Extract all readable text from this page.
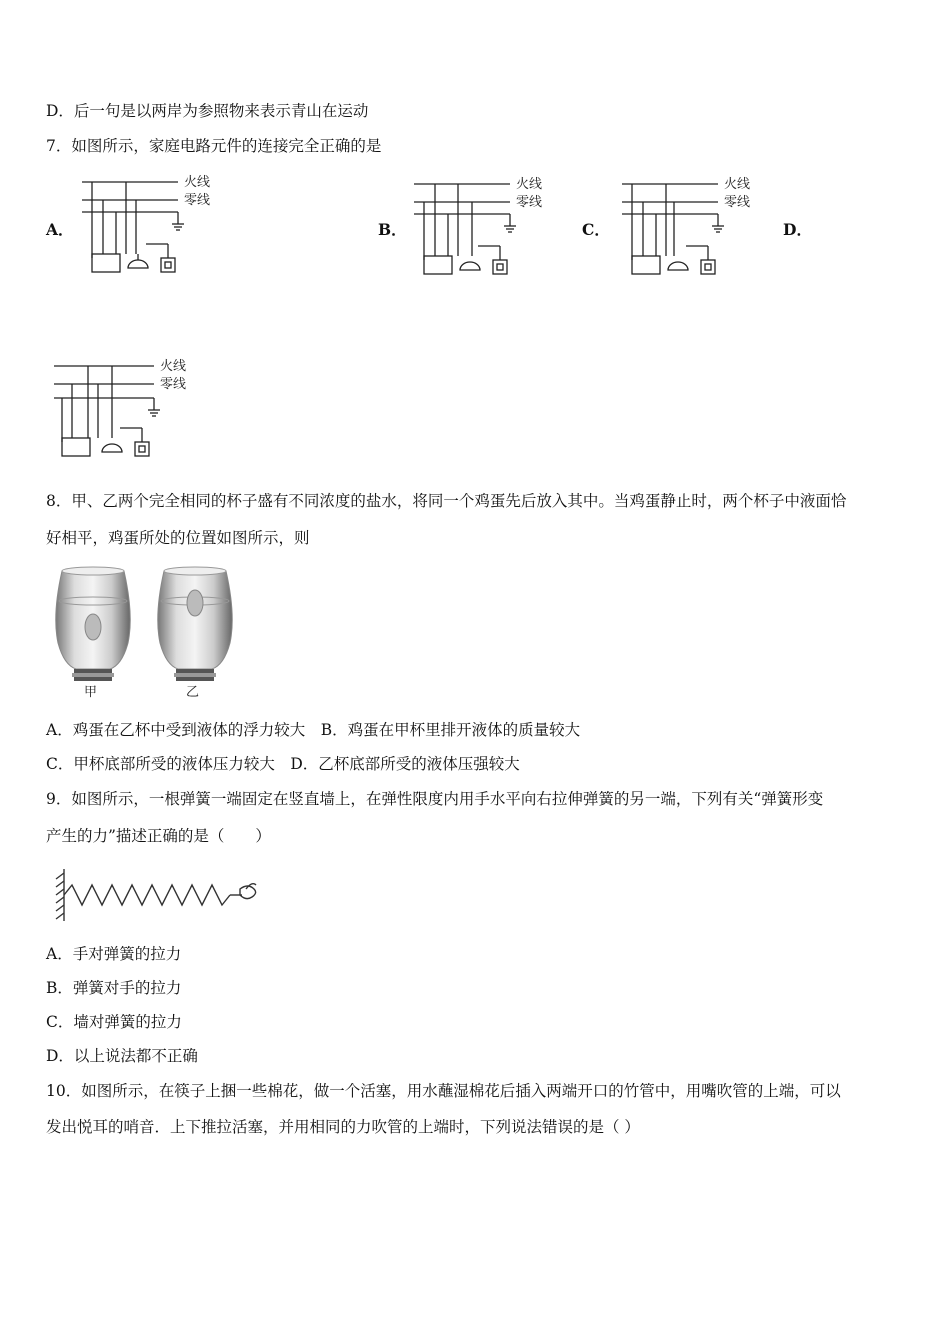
D．后一句是以两岸为参照物来表示青山在运动
7．如图所示，家庭电路元件的连接完全正确的是
A．	B．	C．	D．
火线
零线
火线
零线
火线
零线
火线
零线
8．甲、乙两个完全相同的杯子盛有不同浓度的盐水，将同一个鸡蛋先后放入其中。当鸡蛋静止时，两个杯子中液面恰
好相平，鸡蛋所处的位置如图所示，则
甲	乙
A．鸡蛋在乙杯中受到液体的浮力较大　B．鸡蛋在甲杯里排开液体的质量较大
C．甲杯底部所受的液体压力较大　D．乙杯底部所受的液体压强较大
9．如图所示，一根弹簧一端固定在竖直墙上，在弹性限度内用手水平向右拉伸弹簧的另一端，下列有关“弹簧形变
产生的力”描述正确的是（　　）
A．手对弹簧的拉力
B．弹簧对手的拉力
C．墙对弹簧的拉力
D．以上说法都不正确
10．如图所示，在筷子上捆一些棉花，做一个活塞，用水蘸湿棉花后插入两端开口的竹管中，用嘴吹管的上端，可以
发出悦耳的哨音．上下推拉活塞，并用相同的力吹管的上端时，下列说法错误的是（ ）
